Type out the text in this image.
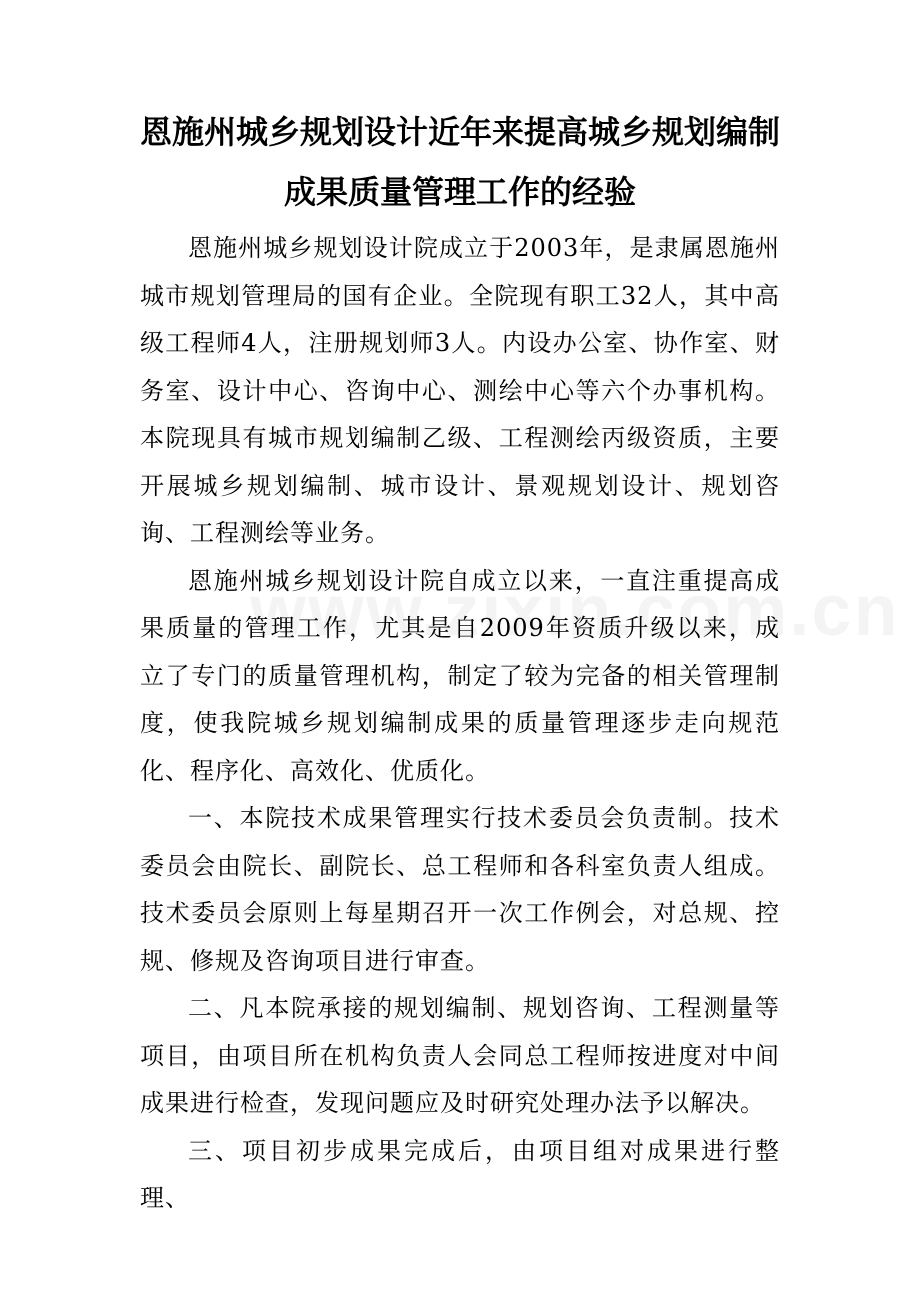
恩施州城乡规划设计近年来提高城乡规划编制
成果质量管理工作的经验

恩施州城乡规划设计院成立于2003年，是隶属恩施州城市规划管理局的国有企业。全院现有职工32人，其中高级工程师4人，注册规划师3人。内设办公室、协作室、财务室、设计中心、咨询中心、测绘中心等六个办事机构。本院现具有城市规划编制乙级、工程测绘丙级资质，主要开展城乡规划编制、城市设计、景观规划设计、规划咨询、工程测绘等业务。

恩施州城乡规划设计院自成立以来，一直注重提高成果质量的管理工作，尤其是自2009年资质升级以来，成立了专门的质量管理机构，制定了较为完备的相关管理制度，使我院城乡规划编制成果的质量管理逐步走向规范化、程序化、高效化、优质化。

一、本院技术成果管理实行技术委员会负责制。技术委员会由院长、副院长、总工程师和各科室负责人组成。技术委员会原则上每星期召开一次工作例会，对总规、控规、修规及咨询项目进行审查。

二、凡本院承接的规划编制、规划咨询、工程测量等项目，由项目所在机构负责人会同总工程师按进度对中间成果进行检查，发现问题应及时研究处理办法予以解决。

三、项目初步成果完成后，由项目组对成果进行整理、
